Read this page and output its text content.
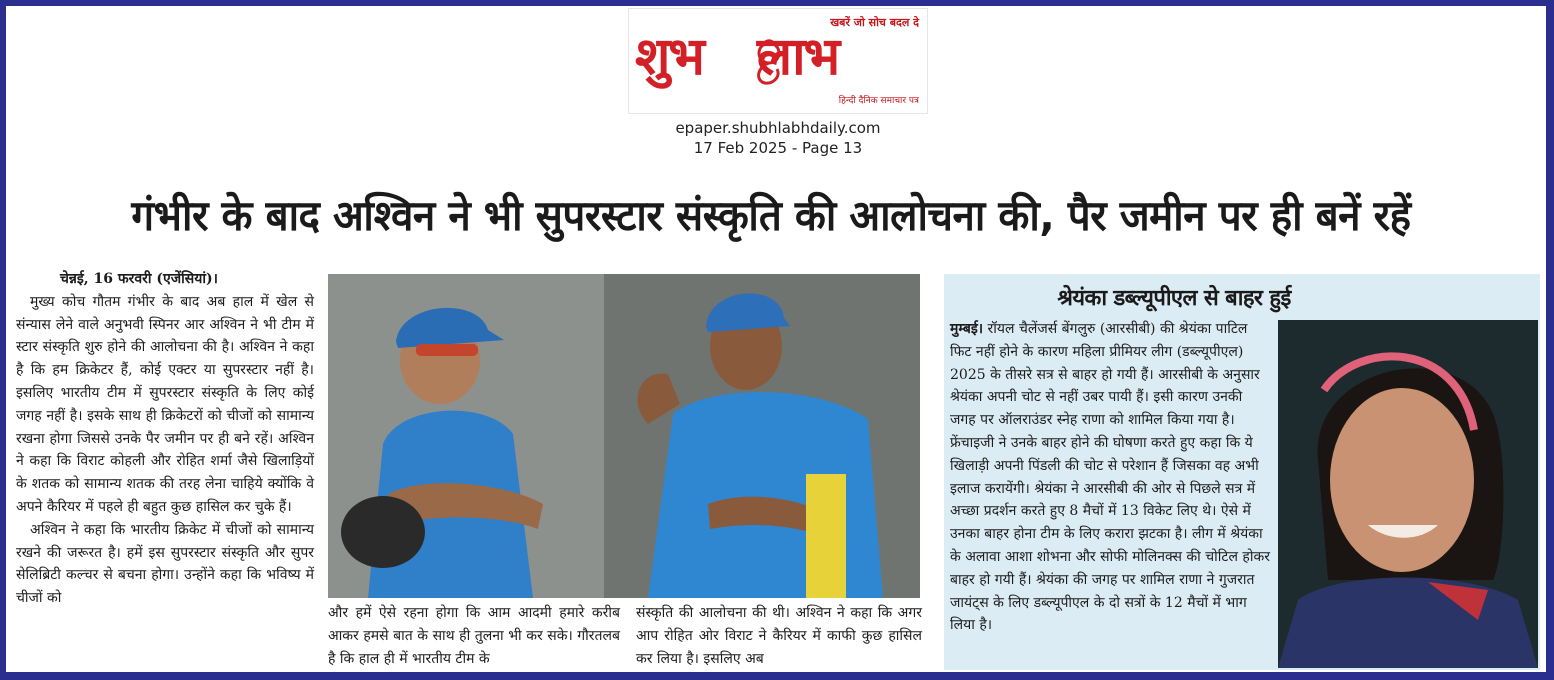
खबरें जो सोच बदल दे
शुभ लाभ
हिन्दी दैनिक समाचार पत्र
epaper.shubhlabhdaily.com
17 Feb 2025 - Page 13
गंभीर के बाद अश्विन ने भी सुपरस्टार संस्कृति की आलोचना की, पैर जमीन पर ही बनें रहें
चेन्नई, 16 फरवरी (एजेंसियां)।

मुख्य कोच गौतम गंभीर के बाद अब हाल में खेल से संन्यास लेने वाले अनुभवी स्पिनर आर अश्विन ने भी टीम में स्टार संस्कृति शुरु होने की आलोचना की है। अश्विन ने कहा है कि हम क्रिकेटर हैं, कोई एक्टर या सुपरस्टार नहीं है। इसलिए भारतीय टीम में सुपरस्टार संस्कृति के लिए कोई जगह नहीं है। इसके साथ ही क्रिकेटरों को चीजों को सामान्य रखना होगा जिससे उनके पैर जमीन पर ही बने रहें। अश्विन ने कहा कि विराट कोहली और रोहित शर्मा जैसे खिलाड़ियों के शतक को सामान्य शतक की तरह लेना चाहिये क्योंकि वे अपने कैरियर में पहले ही बहुत कुछ हासिल कर चुके हैं।

अश्विन ने कहा कि भारतीय क्रिकेट में चीजों को सामान्य रखने की जरूरत है। हमें इस सुपरस्टार संस्कृति और सुपर सेलिब्रिटी कल्चर से बचना होगा। उन्होंने कहा कि भविष्य में चीजों को

और हमें ऐसे रहना होगा कि आम आदमी हमारे करीब आकर हमसे बात के साथ ही तुलना भी कर सके। गौरतलब है कि हाल ही में भारतीय टीम के
संस्कृति की आलोचना की थी। अश्विन ने कहा कि अगर आप रोहित ओर विराट ने कैरियर में काफी कुछ हासिल कर लिया है। इसलिए अब
श्रेयंका डब्ल्यूपीएल से बाहर हुई
मुम्बई। रॉयल चैलेंजर्स बेंगलुरु (आरसीबी) की श्रेयंका पाटिल फिट नहीं होने के कारण महिला प्रीमियर लीग (डब्ल्यूपीएल) 2025 के तीसरे सत्र से बाहर हो गयी हैं। आरसीबी के अनुसार श्रेयंका अपनी चोट से नहीं उबर पायी हैं। इसी कारण उनकी जगह पर ऑलराउंडर स्नेह राणा को शामिल किया गया है। फ्रेंचाइजी ने उनके बाहर होने की घोषणा करते हुए कहा कि ये खिलाड़ी अपनी पिंडली की चोट से परेशान हैं जिसका वह अभी इलाज करायेंगी। श्रेयंका ने आरसीबी की ओर से पिछले सत्र में अच्छा प्रदर्शन करते हुए 8 मैचों में 13 विकेट लिए थे। ऐसे में उनका बाहर होना टीम के लिए करारा झटका है। लीग में श्रेयंका के अलावा आशा शोभना और सोफी मोलिनक्स की चोटिल होकर बाहर हो गयी हैं। श्रेयंका की जगह पर शामिल राणा ने गुजरात जायंट्स के लिए डब्ल्यूपीएल के दो सत्रों के 12 मैचों में भाग लिया है।
